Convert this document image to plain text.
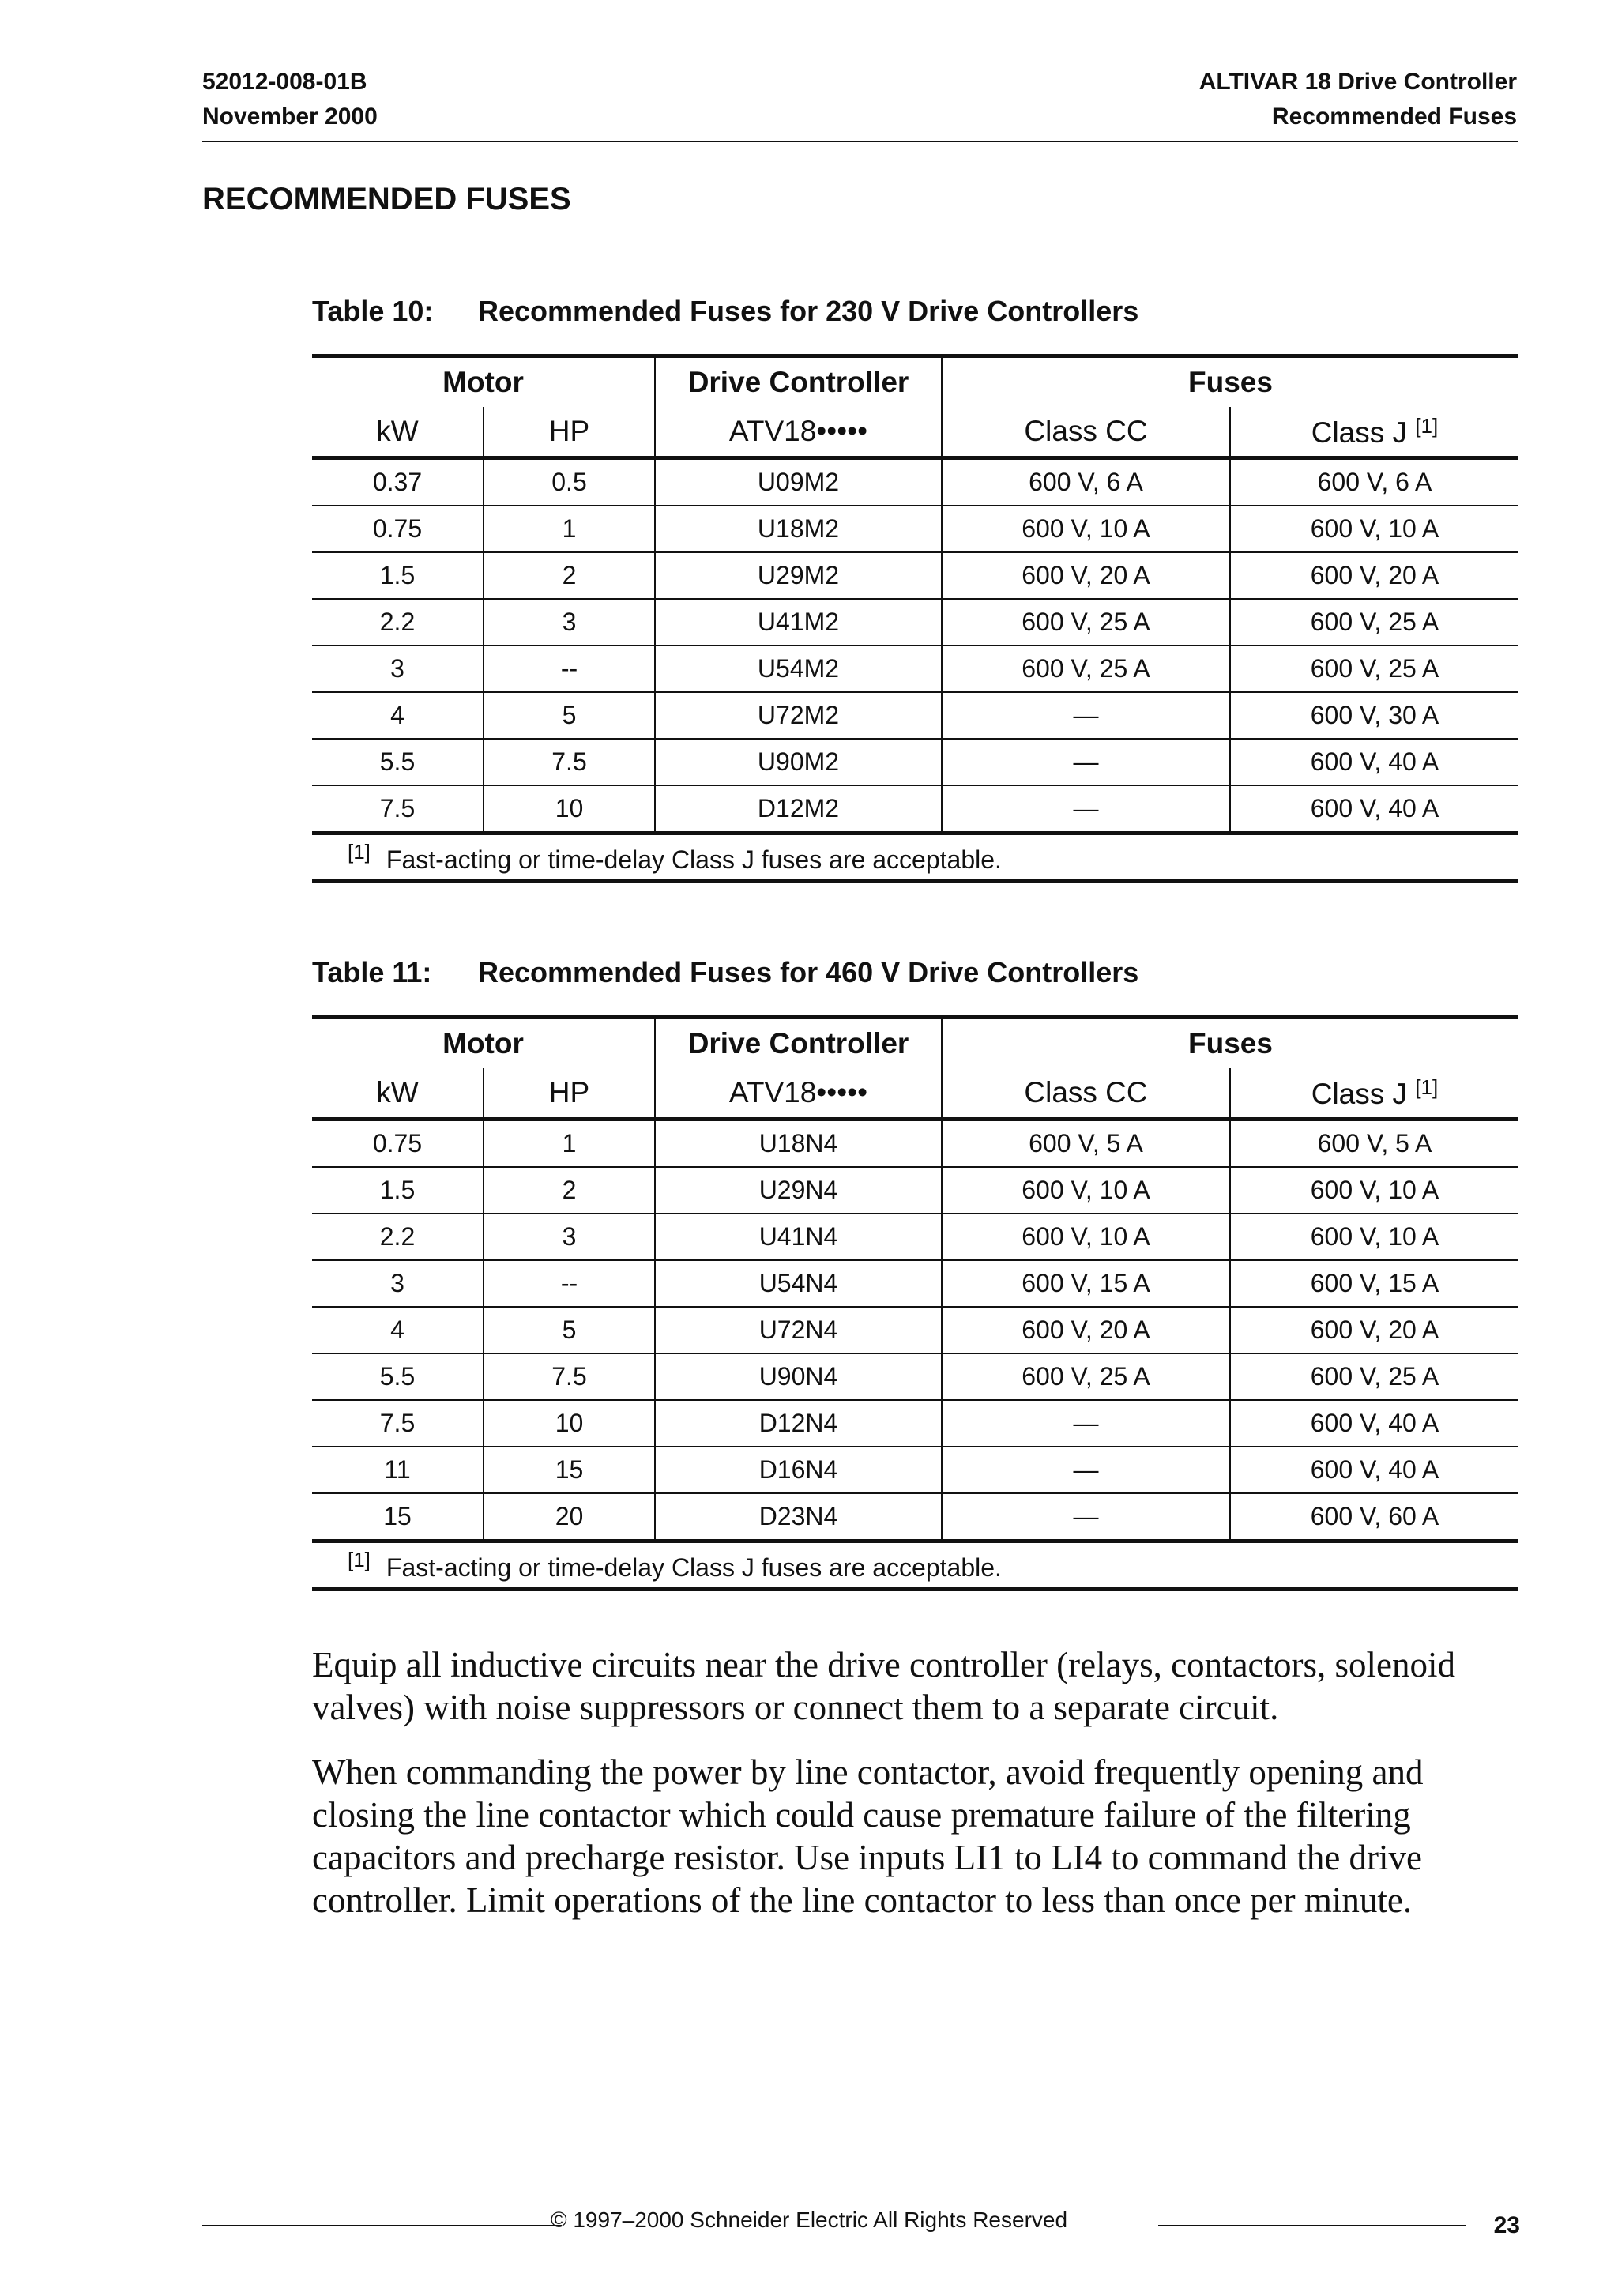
52012-008-01B
November 2000
ALTIVAR 18 Drive Controller
Recommended Fuses
RECOMMENDED FUSES
Table 10: Recommended Fuses for 230 V Drive Controllers
Motor		Drive Controller	Fuses	
kW	HP	ATV18•••••	Class CC	Class J [1]
0.37	0.5	U09M2	600 V, 6 A	600 V, 6 A
0.75	1	U18M2	600 V, 10 A	600 V, 10 A
1.5	2	U29M2	600 V, 20 A	600 V, 20 A
2.2	3	U41M2	600 V, 25 A	600 V, 25 A
3	--	U54M2	600 V, 25 A	600 V, 25 A
4	5	U72M2	—	600 V, 30 A
5.5	7.5	U90M2	—	600 V, 40 A
7.5	10	D12M2	—	600 V, 40 A
[1] Fast-acting or time-delay Class J fuses are acceptable.				
Table 11: Recommended Fuses for 460 V Drive Controllers
Motor		Drive Controller	Fuses	
kW	HP	ATV18•••••	Class CC	Class J [1]
0.75	1	U18N4	600 V, 5 A	600 V, 5 A
1.5	2	U29N4	600 V, 10 A	600 V, 10 A
2.2	3	U41N4	600 V, 10 A	600 V, 10 A
3	--	U54N4	600 V, 15 A	600 V, 15 A
4	5	U72N4	600 V, 20 A	600 V, 20 A
5.5	7.5	U90N4	600 V, 25 A	600 V, 25 A
7.5	10	D12N4	—	600 V, 40 A
11	15	D16N4	—	600 V, 40 A
15	20	D23N4	—	600 V, 60 A
[1] Fast-acting or time-delay Class J fuses are acceptable.				

Equip all inductive circuits near the drive controller (relays, contactors, solenoid valves) with noise suppressors or connect them to a separate circuit.

When commanding the power by line contactor, avoid frequently opening and closing the line contactor which could cause premature failure of the filtering capacitors and precharge resistor. Use inputs LI1 to LI4 to command the drive controller. Limit operations of the line contactor to less than once per minute.

© 1997–2000 Schneider Electric All Rights Reserved	23
